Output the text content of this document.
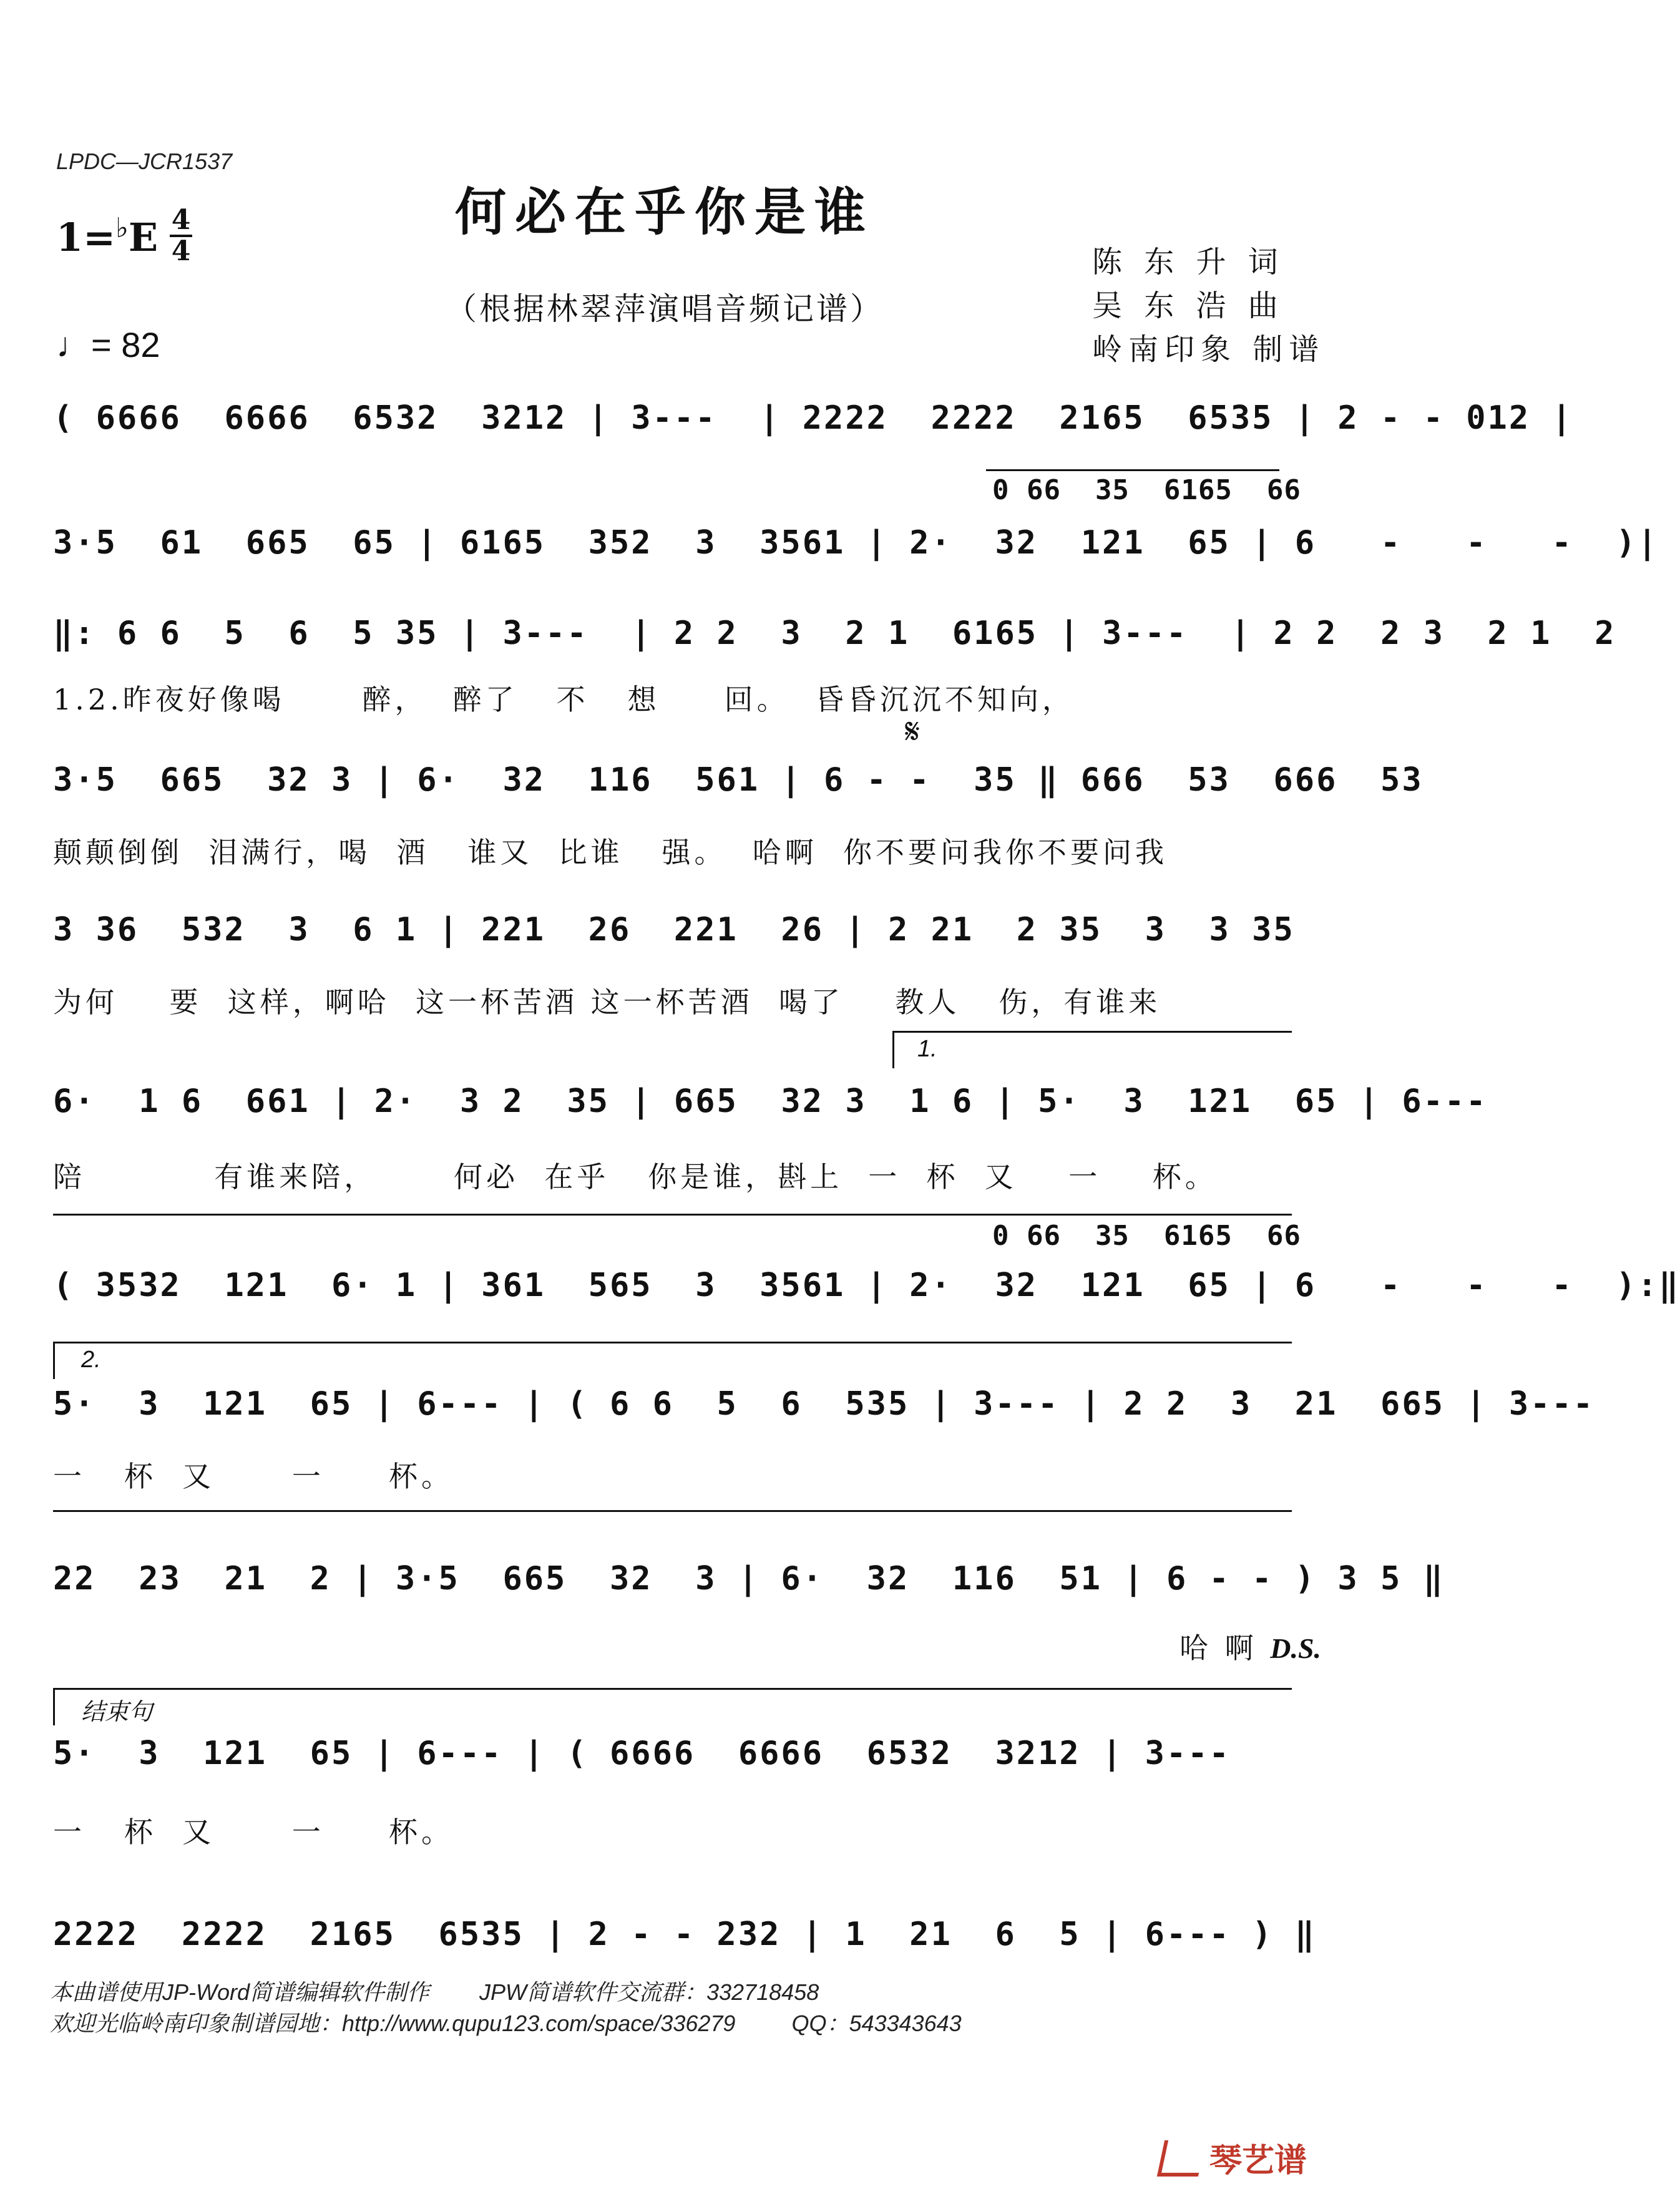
LPDC—JCR1537
何必在乎你是谁
（根据林翠萍演唱音频记谱）
1=♭E 4
4
♩= 82
陈 东 升 词
吴 东 浩 曲
岭南印象 制谱
( 6666  6666  6532  3212 | 3---  | 2222  2222  2165  6535 | 2 - - 012 |
0 66  35  6165  66
3·5  61  665  65 | 6165  352  3  3561 | 2·  32  121  65 | 6   -   -   -  )|
‖: 6 6  5  6  5 35 | 3---  | 2 2  3  2 1  6165 | 3---  | 2 2  2 3  2 1  2
1.2.昨夜好像喝      醉，  醉了   不   想     回。  昏昏沉沉不知向，
𝄋
3·5  665  32 3 | 6·  32  116  561 | 6 - -  35 ‖ 666  53  666  53
颠颠倒倒  泪满行，喝  酒   谁又  比谁   强。  哈啊  你不要问我你不要问我
3 36  532  3  6 1 | 221  26  221  26 | 2 21  2 35  3  3 35
为何    要  这样，啊哈  这一杯苦酒 这一杯苦酒  喝了    教人   伤，有谁来
1.
6·  1 6  661 | 2·  3 2  35 | 665  32 3  1 6 | 5·  3  121  65 | 6---
陪          有谁来陪，      何必  在乎   你是谁，斟上  一  杯  又    一    杯。
0 66  35  6165  66
( 3532  121  6· 1 | 361  565  3  3561 | 2·  32  121  65 | 6   -   -   -  ):‖
2.
5·  3  121  65 | 6--- | ( 6 6  5  6  535 | 3--- | 2 2  3  21  665 | 3---
一   杯  又      一     杯。
22  23  21  2 | 3·5  665  32  3 | 6·  32  116  51 | 6 - - ) 3 5 ‖
哈 啊 D.S.
结束句
5·  3  121  65 | 6--- | ( 6666  6666  6532  3212 | 3---
一   杯  又      一     杯。
2222  2222  2165  6535 | 2 - - 232 | 1  21  6  5 | 6--- ) ‖
本曲谱使用JP-Word简谱编辑软件制作        JPW简谱软件交流群：332718458
欢迎光临岭南印象制谱园地：http://www.qupu123.com/space/336279         QQ：543343643
琴艺谱
